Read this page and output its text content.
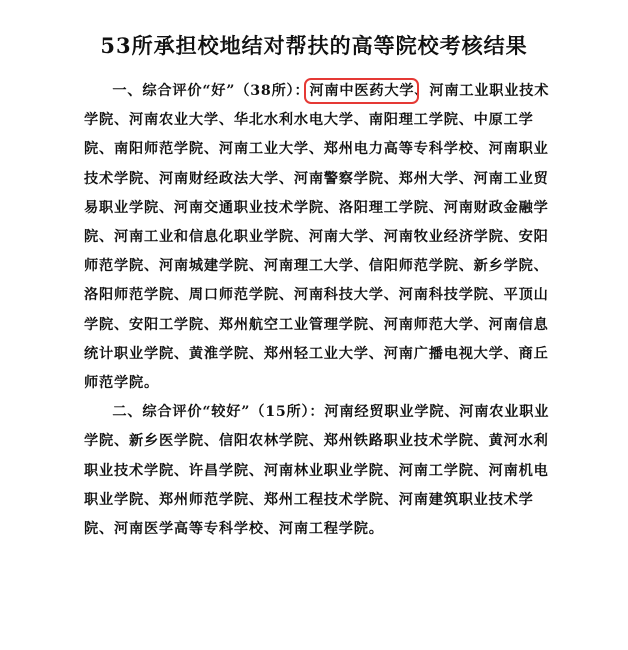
53所承担校地结对帮扶的高等院校考核结果

一、综合评价“好”（38所）：河南中医药大学、河南工业职业技术学院、河南农业大学、华北水利水电大学、南阳理工学院、中原工学院、南阳师范学院、河南工业大学、郑州电力高等专科学校、河南职业技术学院、河南财经政法大学、河南警察学院、郑州大学、河南工业贸易职业学院、河南交通职业技术学院、洛阳理工学院、河南财政金融学院、河南工业和信息化职业学院、河南大学、河南牧业经济学院、安阳师范学院、河南城建学院、河南理工大学、信阳师范学院、新乡学院、洛阳师范学院、周口师范学院、河南科技大学、河南科技学院、平顶山学院、安阳工学院、郑州航空工业管理学院、河南师范大学、河南信息统计职业学院、黄淮学院、郑州轻工业大学、河南广播电视大学、商丘师范学院。

二、综合评价“较好”（15所）：河南经贸职业学院、河南农业职业学院、新乡医学院、信阳农林学院、郑州铁路职业技术学院、黄河水利职业技术学院、许昌学院、河南林业职业学院、河南工学院、河南机电职业学院、郑州师范学院、郑州工程技术学院、河南建筑职业技术学院、河南医学高等专科学校、河南工程学院。
